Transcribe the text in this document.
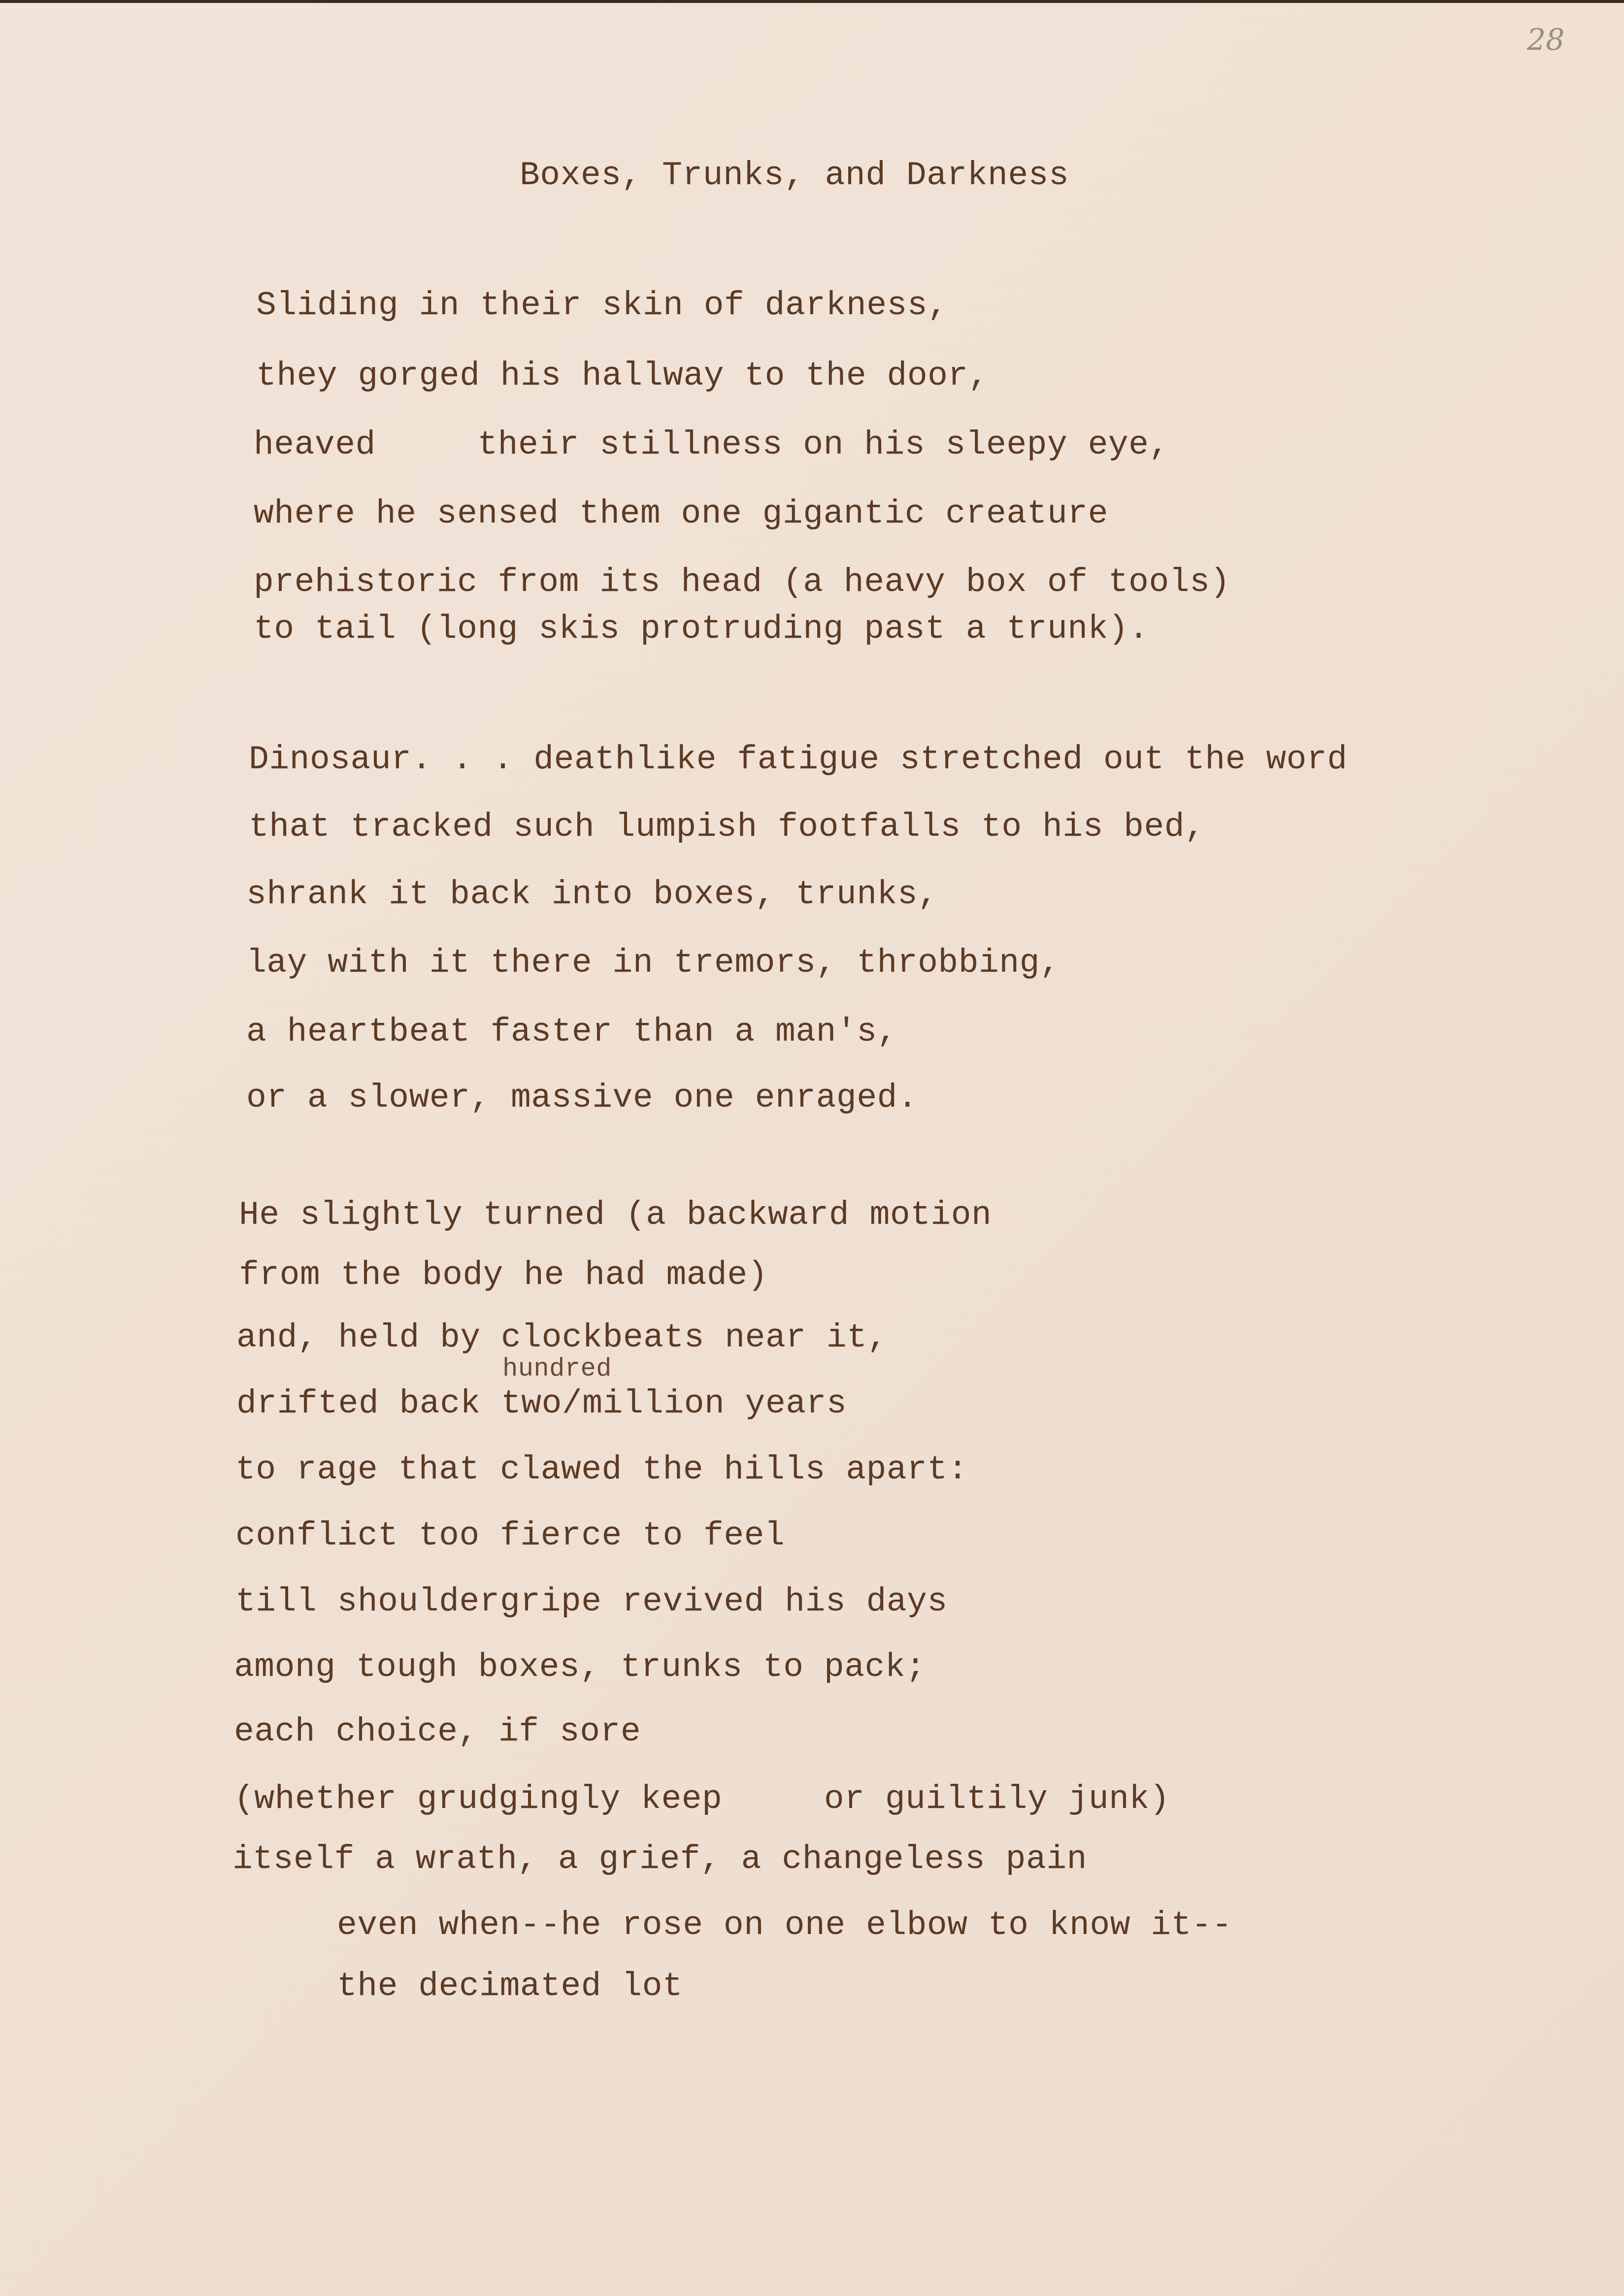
28
Boxes, Trunks, and Darkness
Sliding in their skin of darkness,
they gorged his hallway to the door,
heaved     their stillness on his sleepy eye,
where he sensed them one gigantic creature
prehistoric from its head (a heavy box of tools)
to tail (long skis protruding past a trunk).
Dinosaur. . . deathlike fatigue stretched out the word
that tracked such lumpish footfalls to his bed,
shrank it back into boxes, trunks,
lay with it there in tremors, throbbing,
a heartbeat faster than a man's,
or a slower, massive one enraged.
He slightly turned (a backward motion
from the body he had made)
and, held by clockbeats near it,
hundred
drifted back two/million years
to rage that clawed the hills apart:
conflict too fierce to feel
till shouldergripe revived his days
among tough boxes, trunks to pack;
each choice, if sore
(whether grudgingly keep     or guiltily junk)
itself a wrath, a grief, a changeless pain
even when--he rose on one elbow to know it--
the decimated lot
